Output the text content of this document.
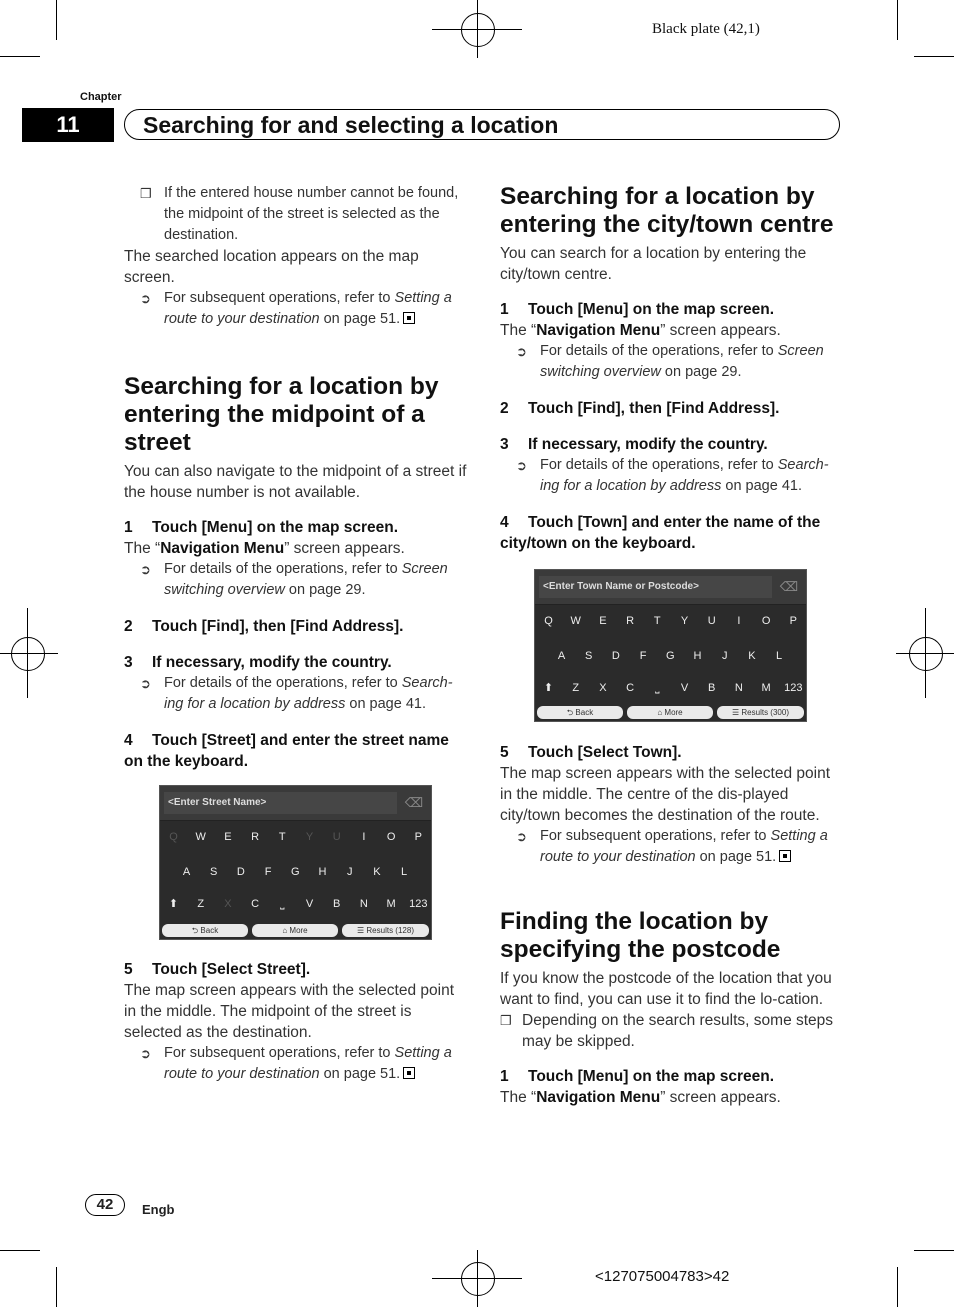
Black plate (42,1)
Chapter
11	Searching for and selecting a location

❒ If the entered house number cannot be found, the midpoint of the street is selected as the destination.

The searched location appears on the map screen.

➲ For subsequent operations, refer to Setting a route to your destination on page 51.

Searching for a location by entering the midpoint of a street

You can also navigate to the midpoint of a street if the house number is not available.

1 Touch [Menu] on the map screen.

The “Navigation Menu” screen appears.

➲ For details of the operations, refer to Screen switching overview on page 29.

2 Touch [Find], then [Find Address].

3 If necessary, modify the country.

➲ For details of the operations, refer to Search-ing for a location by address on page 41.

4 Touch [Street] and enter the street name on the keyboard.

<Enter Street Name>	⌫
Q	W	E	R	T	Y	U	I	O	P
A	S	D	F	G	H	J	K	L
⬆	Z	X	C	⎵	V	B	N	M	123
⮌ Back	⌂ More	☰ Results (128)

5 Touch [Select Street].

The map screen appears with the selected point in the middle. The midpoint of the street is selected as the destination.

➲ For subsequent operations, refer to Setting a route to your destination on page 51.

Searching for a location by entering the city/town centre

You can search for a location by entering the city/town centre.

1 Touch [Menu] on the map screen.

The “Navigation Menu” screen appears.

➲ For details of the operations, refer to Screen switching overview on page 29.

2 Touch [Find], then [Find Address].

3 If necessary, modify the country.

➲ For details of the operations, refer to Search-ing for a location by address on page 41.

4 Touch [Town] and enter the name of the city/town on the keyboard.

<Enter Town Name or Postcode>	⌫
Q	W	E	R	T	Y	U	I	O	P
A	S	D	F	G	H	J	K	L
⬆	Z	X	C	⎵	V	B	N	M	123
⮌ Back	⌂ More	☰ Results (300)

5 Touch [Select Town].

The map screen appears with the selected point in the middle. The centre of the dis-played city/town becomes the destination of the route.

➲ For subsequent operations, refer to Setting a route to your destination on page 51.

Finding the location by specifying the postcode

If you know the postcode of the location that you want to find, you can use it to find the lo-cation.

❒ Depending on the search results, some steps may be skipped.

1 Touch [Menu] on the map screen.

The “Navigation Menu” screen appears.

42	Engb
<127075004783>42
